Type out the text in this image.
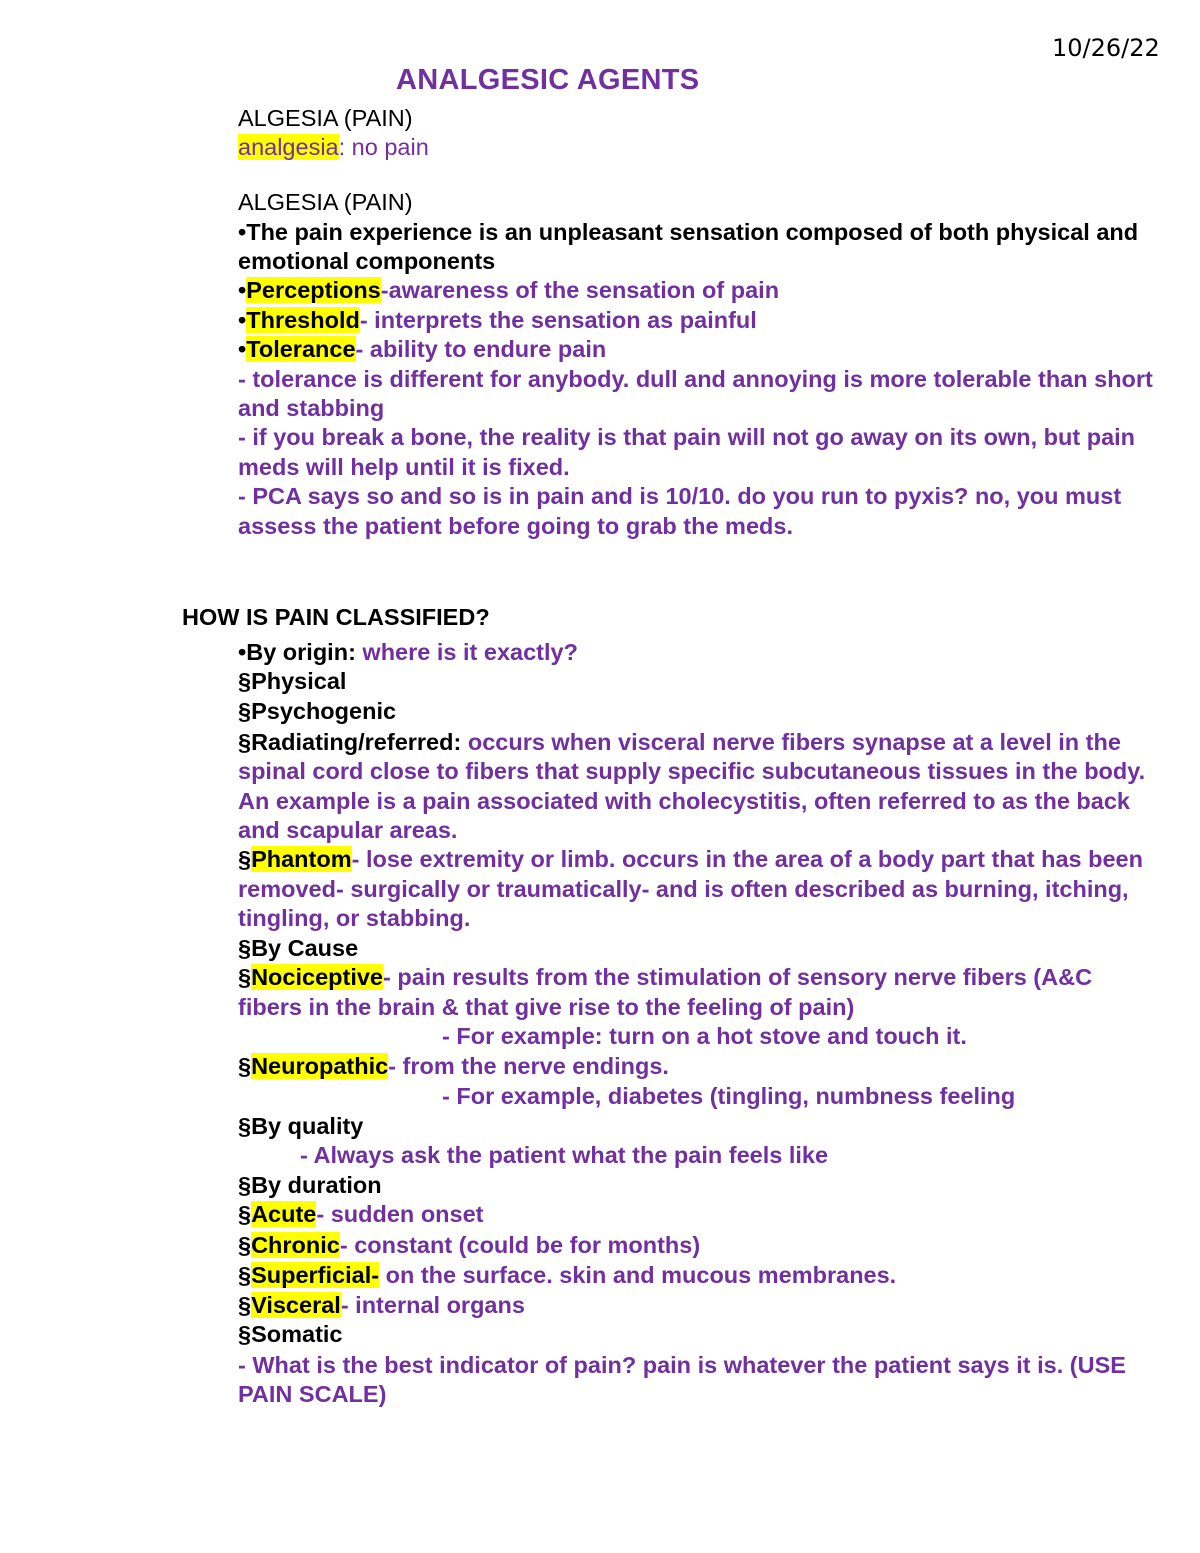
10/26/22
ANALGESIC AGENTS
ALGESIA (PAIN)
analgesia: no pain
ALGESIA (PAIN)
•The pain experience is an unpleasant sensation composed of both physical and
emotional components
•Perceptions-awareness of the sensation of pain
•Threshold- interprets the sensation as painful
•Tolerance- ability to endure pain
- tolerance is different for anybody. dull and annoying is more tolerable than short
and stabbing
- if you break a bone, the reality is that pain will not go away on its own, but pain
meds will help until it is fixed.
- PCA says so and so is in pain and is 10/10. do you run to pyxis? no, you must
assess the patient before going to grab the meds.
HOW IS PAIN CLASSIFIED?
•By origin: where is it exactly?
§Physical
§Psychogenic
§Radiating/referred: occurs when visceral nerve fibers synapse at a level in the
spinal cord close to fibers that supply specific subcutaneous tissues in the body.
An example is a pain associated with cholecystitis, often referred to as the back
and scapular areas.
§Phantom- lose extremity or limb. occurs in the area of a body part that has been
removed- surgically or traumatically- and is often described as burning, itching,
tingling, or stabbing.
§By Cause
§Nociceptive- pain results from the stimulation of sensory nerve fibers (A&C
fibers in the brain & that give rise to the feeling of pain)
- For example: turn on a hot stove and touch it.
§Neuropathic- from the nerve endings.
- For example, diabetes (tingling, numbness feeling
§By quality
- Always ask the patient what the pain feels like
§By duration
§Acute- sudden onset
§Chronic- constant (could be for months)
§Superficial- on the surface. skin and mucous membranes.
§Visceral- internal organs
§Somatic
- What is the best indicator of pain? pain is whatever the patient says it is. (USE
PAIN SCALE)
